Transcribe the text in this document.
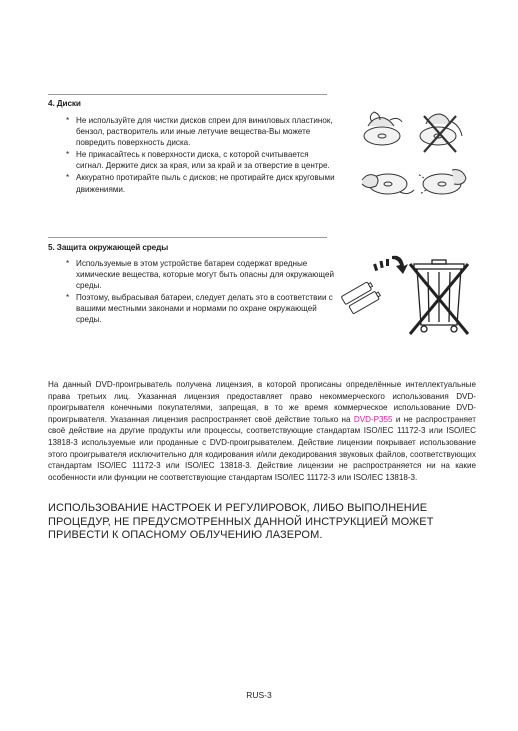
4. Диски
* Не используйте для чистки дисков спреи для виниловых пластинок, бензол, растворитель или иные летучие вещества-Вы можете повредить поверхность диска.
* Не прикасайтесь к поверхности диска, с которой считывается сигнал. Держите диск за края, или за край и за отверстие в центре.
* Аккуратно протирайте пыль с дисков; не протирайте диск круговыми движениями.
5. Защита окружающей среды
* Используемые в этом устройстве батареи содержат вредные химические вещества, которые могут быть опасны для окружающей среды.
* Поэтому, выбрасывая батареи, следует делать это в соответствии с вашими местными законами и нормами по охране окружающей среды.
На данный DVD-проигрыватель получена лицензия, в которой прописаны определённые интеллектуальные права третьих лиц. Указанная лицензия предоставляет право некоммерческого использования DVD-проигрывателя конечными покупателями, запрещая, в то же время коммерческое использование DVD-проигрывателя. Указанная лицензия распространяет своё действие только на DVD-P355 и не распространяет своё действие на другие продукты или процессы, соответствующие стандартам ISO/IEC 11172-3 или ISO/IEC 13818-3 используемые или проданные с DVD-проигрывателем. Действие лицензии покрывает использование этого проигрывателя исключительно для кодирования и/или декодирования звуковых файлов, соответствующих стандартам ISO/IEC 11172-3 или ISO/IEC 13818-3. Действие лицензии не распространяется ни на какие особенности или функции не соответствующие стандартам ISO/IEC 11172-3 или ISO/IEC 13818-3.
ИСПОЛЬЗОВАНИЕ НАСТРОЕК И РЕГУЛИРОВОК, ЛИБО ВЫПОЛНЕНИЕ ПРОЦЕДУР, НЕ ПРЕДУСМОТРЕННЫХ ДАННОЙ ИНСТРУКЦИЕЙ МОЖЕТ ПРИВЕСТИ К ОПАСНОМУ ОБЛУЧЕНИЮ ЛАЗЕРОМ.
RUS-3
